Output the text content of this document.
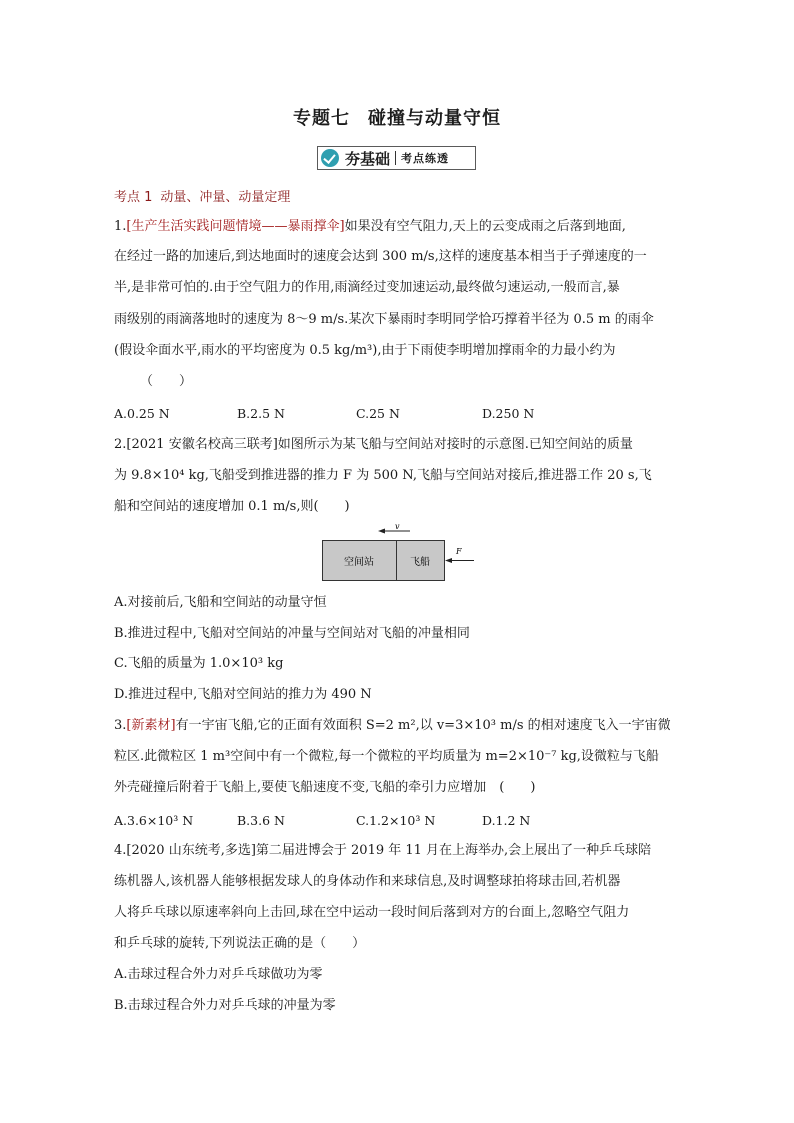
专题七 碰撞与动量守恒
夯基础 考点练透
考点 1 动量、冲量、动量定理
1.[生产生活实践问题情境——暴雨撑伞]如果没有空气阻力,天上的云变成雨之后落到地面,
在经过一路的加速后,到达地面时的速度会达到 300 m/s,这样的速度基本相当于子弹速度的一
半,是非常可怕的.由于空气阻力的作用,雨滴经过变加速运动,最终做匀速运动,一般而言,暴
雨级别的雨滴落地时的速度为 8～9 m/s.某次下暴雨时李明同学恰巧撑着半径为 0.5 m 的雨伞
(假设伞面水平,雨水的平均密度为 0.5 kg/m³),由于下雨使李明增加撑雨伞的力最小约为
（　　）
A.0.25 N	B.2.5 N	C.25 N	D.250 N
2.[2021 安徽名校高三联考]如图所示为某飞船与空间站对接时的示意图.已知空间站的质量
为 9.8×10⁴ kg,飞船受到推进器的推力 F 为 500 N,飞船与空间站对接后,推进器工作 20 s,飞
船和空间站的速度增加 0.1 m/s,则(　　)
v
空间站	飞船
F
A.对接前后,飞船和空间站的动量守恒
B.推进过程中,飞船对空间站的冲量与空间站对飞船的冲量相同
C.飞船的质量为 1.0×10³ kg
D.推进过程中,飞船对空间站的推力为 490 N
3.[新素材]有一宇宙飞船,它的正面有效面积 S=2 m²,以 v=3×10³ m/s 的相对速度飞入一宇宙微
粒区.此微粒区 1 m³空间中有一个微粒,每一个微粒的平均质量为 m=2×10⁻⁷ kg,设微粒与飞船
外壳碰撞后附着于飞船上,要使飞船速度不变,飞船的牵引力应增加　(　　)
A.3.6×10³ N	B.3.6 N	C.1.2×10³ N	D.1.2 N
4.[2020 山东统考,多选]第二届进博会于 2019 年 11 月在上海举办,会上展出了一种乒乓球陪
练机器人,该机器人能够根据发球人的身体动作和来球信息,及时调整球拍将球击回,若机器
人将乒乓球以原速率斜向上击回,球在空中运动一段时间后落到对方的台面上,忽略空气阻力
和乒乓球的旋转,下列说法正确的是（　　）
A.击球过程合外力对乒乓球做功为零
B.击球过程合外力对乒乓球的冲量为零
